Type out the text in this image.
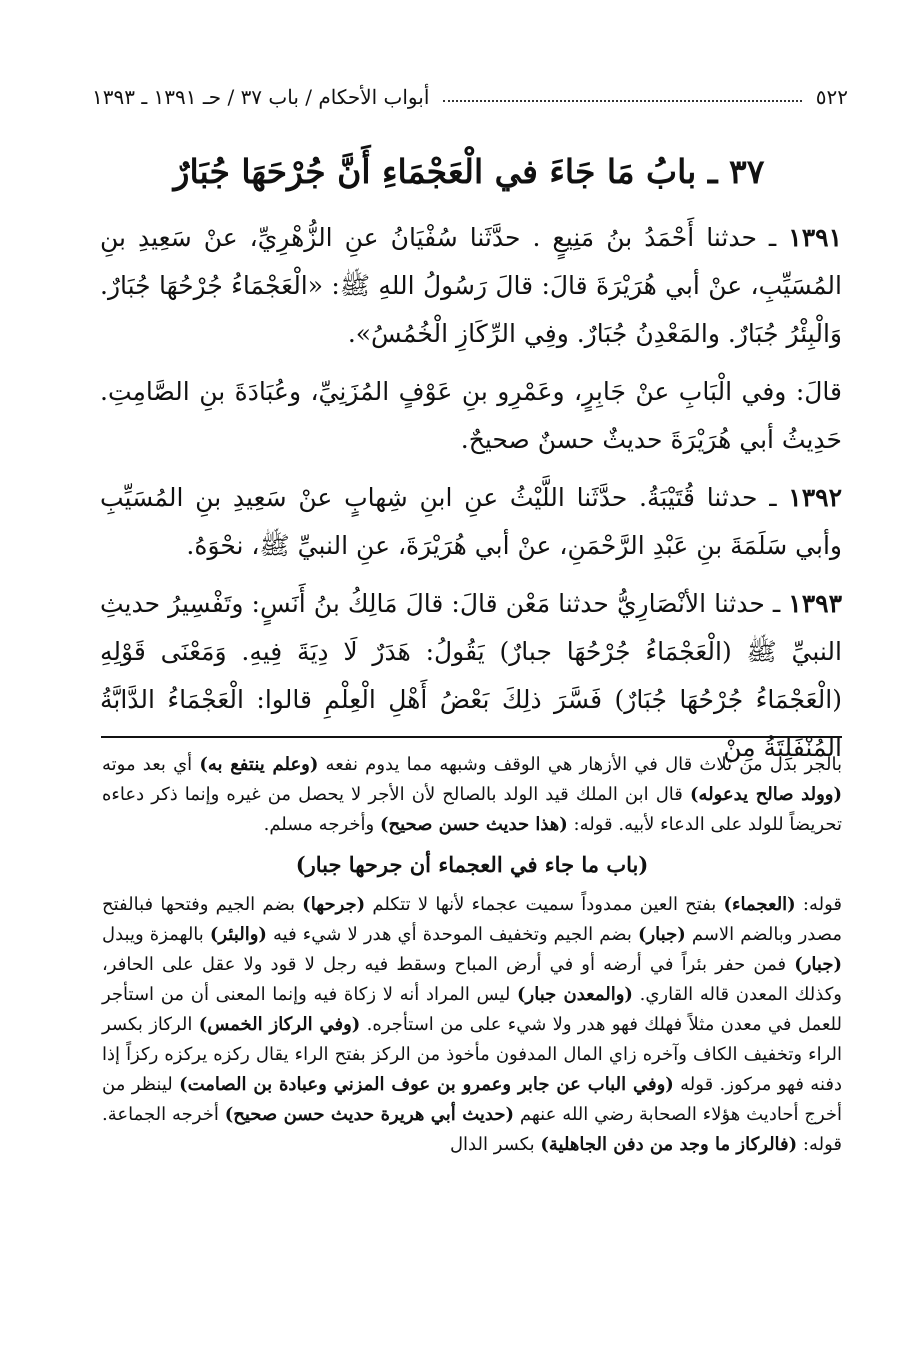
أبواب الأحكام / باب ٣٧ / حـ ١٣٩١ ـ ١٣٩٣	٥٢٢
٣٧ ـ بابُ مَا جَاءَ في الْعَجْمَاءِ أَنَّ جُرْحَهَا جُبَارٌ

١٣٩١ ـ حدثنا أَحْمَدُ بنُ مَنِيعٍ . حدَّثَنا سُفْيَانُ عنِ الزُّهْرِيِّ، عنْ سَعِيدِ بنِ المُسَيِّبِ، عنْ أبي هُرَيْرَةَ قالَ: قالَ رَسُولُ اللهِ ﷺ: «الْعَجْمَاءُ جُرْحُهَا جُبَارٌ. وَالْبِئْرُ جُبَارٌ. والمَعْدِنُ جُبَارٌ. وفِي الرِّكَازِ الْخُمُسُ».

قالَ: وفي الْبَابِ عنْ جَابِرٍ، وعَمْرِو بنِ عَوْفٍ المُزَنِيِّ، وعُبَادَةَ بنِ الصَّامِتِ. حَدِيثُ أبي هُرَيْرَةَ حديثٌ حسنٌ صحيحٌ.

١٣٩٢ ـ حدثنا قُتَيْبَةُ. حدَّثَنا اللَّيْثُ عنِ ابنِ شِهابٍ عنْ سَعِيدِ بنِ المُسَيِّبِ وأبي سَلَمَةَ بنِ عَبْدِ الرَّحْمَنِ، عنْ أبي هُرَيْرَةَ، عنِ النبيِّ ﷺ، نحْوَهُ.

١٣٩٣ ـ حدثنا الأنْصَارِيُّ حدثنا مَعْن قالَ: قالَ مَالِكُ بنُ أَنَسٍ: وتَفْسِيرُ حديثِ النبيِّ ﷺ (الْعَجْمَاءُ جُرْحُهَا جبارٌ) يَقُولُ: هَدَرٌ لَا دِيَةَ فِيهِ. وَمَعْنَى قَوْلِهِ (الْعَجْمَاءُ جُرْحُهَا جُبَارٌ) فَسَّرَ ذلِكَ بَعْضُ أَهْلِ الْعِلْمِ قالوا: الْعَجْمَاءُ الدَّابَّةُ المُنْفَلِتَةُ مِنْ

بالجر بدل من ثلاث قال في الأزهار هي الوقف وشبهه مما يدوم نفعه (وعلم ينتفع به) أي بعد موته (وولد صالح يدعوله) قال ابن الملك قيد الولد بالصالح لأن الأجر لا يحصل من غيره وإنما ذكر دعاءه تحريضاً للولد على الدعاء لأبيه. قوله: (هذا حديث حسن صحيح) وأخرجه مسلم.

(باب ما جاء في العجماء أن جرحها جبار)

قوله: (العجماء) بفتح العين ممدوداً سميت عجماء لأنها لا تتكلم (جرحها) بضم الجيم وفتحها فبالفتح مصدر وبالضم الاسم (جبار) بضم الجيم وتخفيف الموحدة أي هدر لا شيء فيه (والبئر) بالهمزة ويبدل (جبار) فمن حفر بئراً في أرضه أو في أرض المباح وسقط فيه رجل لا قود ولا عقل على الحافر، وكذلك المعدن قاله القاري. (والمعدن جبار) ليس المراد أنه لا زكاة فيه وإنما المعنى أن من استأجر للعمل في معدن مثلاً فهلك فهو هدر ولا شيء على من استأجره. (وفي الركاز الخمس) الركاز بكسر الراء وتخفيف الكاف وآخره زاي المال المدفون مأخوذ من الركز بفتح الراء يقال ركزه يركزه ركزاً إذا دفنه فهو مركوز. قوله (وفي الباب عن جابر وعمرو بن عوف المزني وعبادة بن الصامت) لينظر من أخرج أحاديث هؤلاء الصحابة رضي الله عنهم (حديث أبي هريرة حديث حسن صحيح) أخرجه الجماعة. قوله: (فالركاز ما وجد من دفن الجاهلية) بكسر الدال
